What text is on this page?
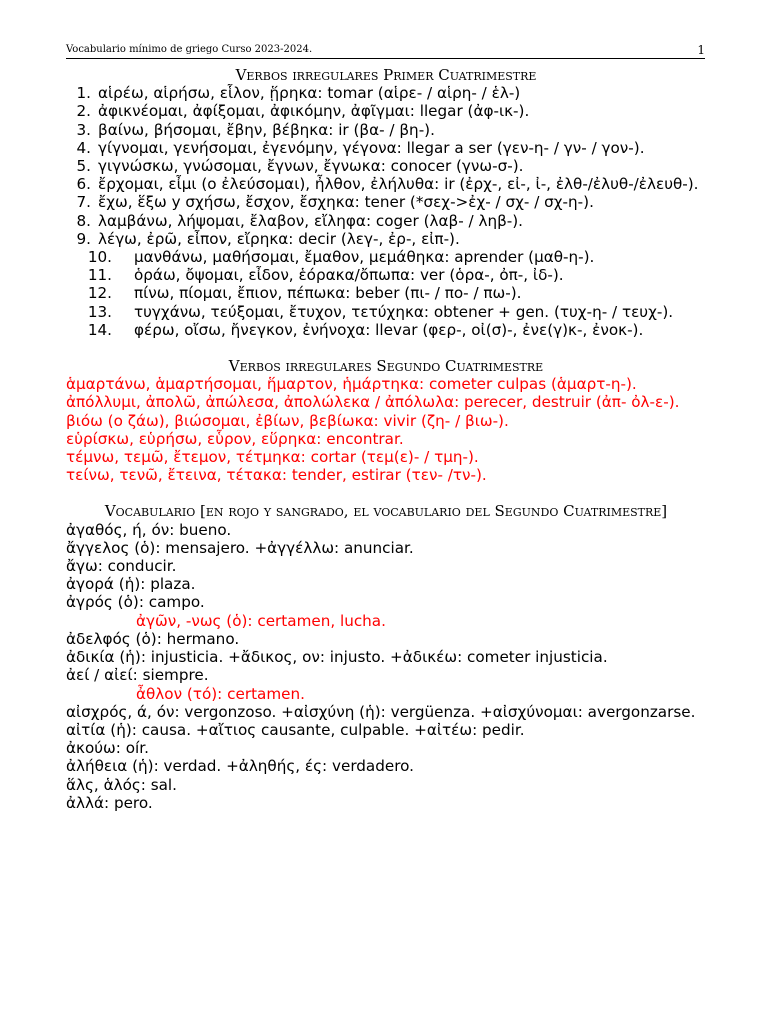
Vocabulario mínimo de griego Curso 2023-2024.	1
Verbos irregulares Primer Cuatrimestre
1. αἱρέω, αἱρήσω, εἷλον, ᾕρηκα: tomar (αἱρε- / αἱρη- / ἑλ-)
2. ἀφικνέομαι, ἀφίξομαι, ἀφικόμην, ἀφῖγμαι: llegar (ἀφ-ικ-).
3. βαίνω, βήσομαι, ἔβην, βέβηκα: ir (βα- / βη-).
4. γίγνομαι, γενήσομαι, ἐγενόμην, γέγονα: llegar a ser (γεν-η- / γν- / γον-).
5. γιγνώσκω, γνώσομαι, ἔγνων, ἔγνωκα: conocer (γνω-σ-).
6. ἔρχομαι, εἶμι (ο ἐλεύσομαι), ἦλθον, ἐλήλυθα: ir (ἐρχ-, εἰ-, ἰ-, ἐλθ-/ἐλυθ-/ἐλευθ-).
7. ἔχω, ἕξω y σχήσω, ἔσχον, ἔσχηκα: tener (*σεχ->ἐχ- / σχ- / σχ-η-).
8. λαμβάνω, λήψομαι, ἔλαβον, εἴληφα: coger (λαβ- / ληβ-).
9. λέγω, ἐρῶ, εἶπον, εἴρηκα: decir (λεγ-, ἐρ-, εἰπ-).
10.	μανθάνω, μαθήσομαι, ἔμαθον, μεμάθηκα: aprender (μαθ-η-).
11.	ὁράω, ὄψομαι, εἶδον, ἑόρακα/ὄπωπα: ver (ὁρα-, ὀπ-, ἰδ-).
12.	πίνω, πίομαι, ἔπιον, πέπωκα: beber (πι- / πο- / πω-).
13.	τυγχάνω, τεύξομαι, ἔτυχον, τετύχηκα: obtener + gen. (τυχ-η- / τευχ-).
14.	φέρω, οἴσω, ἤνεγκον, ἐνήνοχα: llevar (φερ-, οἰ(σ)-, ἐνε(γ)κ-, ἐνοκ-).
Verbos irregulares Segundo Cuatrimestre

ἁμαρτάνω, ἁμαρτήσομαι, ἥμαρτον, ἡμάρτηκα: cometer culpas (ἁμαρτ-η-).

ἀπόλλυμι, ἀπολῶ, ἀπώλεσα, ἀπολώλεκα / ἀπόλωλα: perecer, destruir (ἀπ- ὀλ-ε-).

βιόω (ο ζάω), βιώσομαι, ἐβίων, βεβίωκα: vivir (ζη- / βιω-).

εὑρίσκω, εὑρήσω, εὗρον, εὕρηκα: encontrar.

τέμνω, τεμῶ, ἔτεμον, τέτμηκα: cortar (τεμ(ε)- / τμη-).

τείνω, τενῶ, ἔτεινα, τέτακα: tender, estirar (τεν- /τν-).

Vocabulario [en rojo y sangrado, el vocabulario del Segundo Cuatrimestre]

ἀγαθός, ή, όν: bueno.

ἄγγελος (ὁ): mensajero. +ἀγγέλλω: anunciar.

ἄγω: conducir.

ἀγορά (ἡ): plaza.

ἀγρός (ὁ): campo.

ἀγῶν, -νως (ὁ): certamen, lucha.

ἀδελφός (ὁ): hermano.

ἀδικία (ἡ): injusticia. +ἄδικος, ον: injusto. +ἀδικέω: cometer injusticia.

ἀεί / αἰεί: siempre.

ἆθλον (τό): certamen.

αἰσχρός, ά, όν: vergonzoso. +αἰσχύνη (ἡ): vergüenza. +αἰσχύνομαι: avergonzarse.

αἰτία (ἡ): causa. +αἴτιος causante, culpable. +αἰτέω: pedir.

ἀκούω: oír.

ἀλήθεια (ἡ): verdad. +ἀληθής, ές: verdadero.

ἅλς, ἁλός: sal.

ἀλλά: pero.
